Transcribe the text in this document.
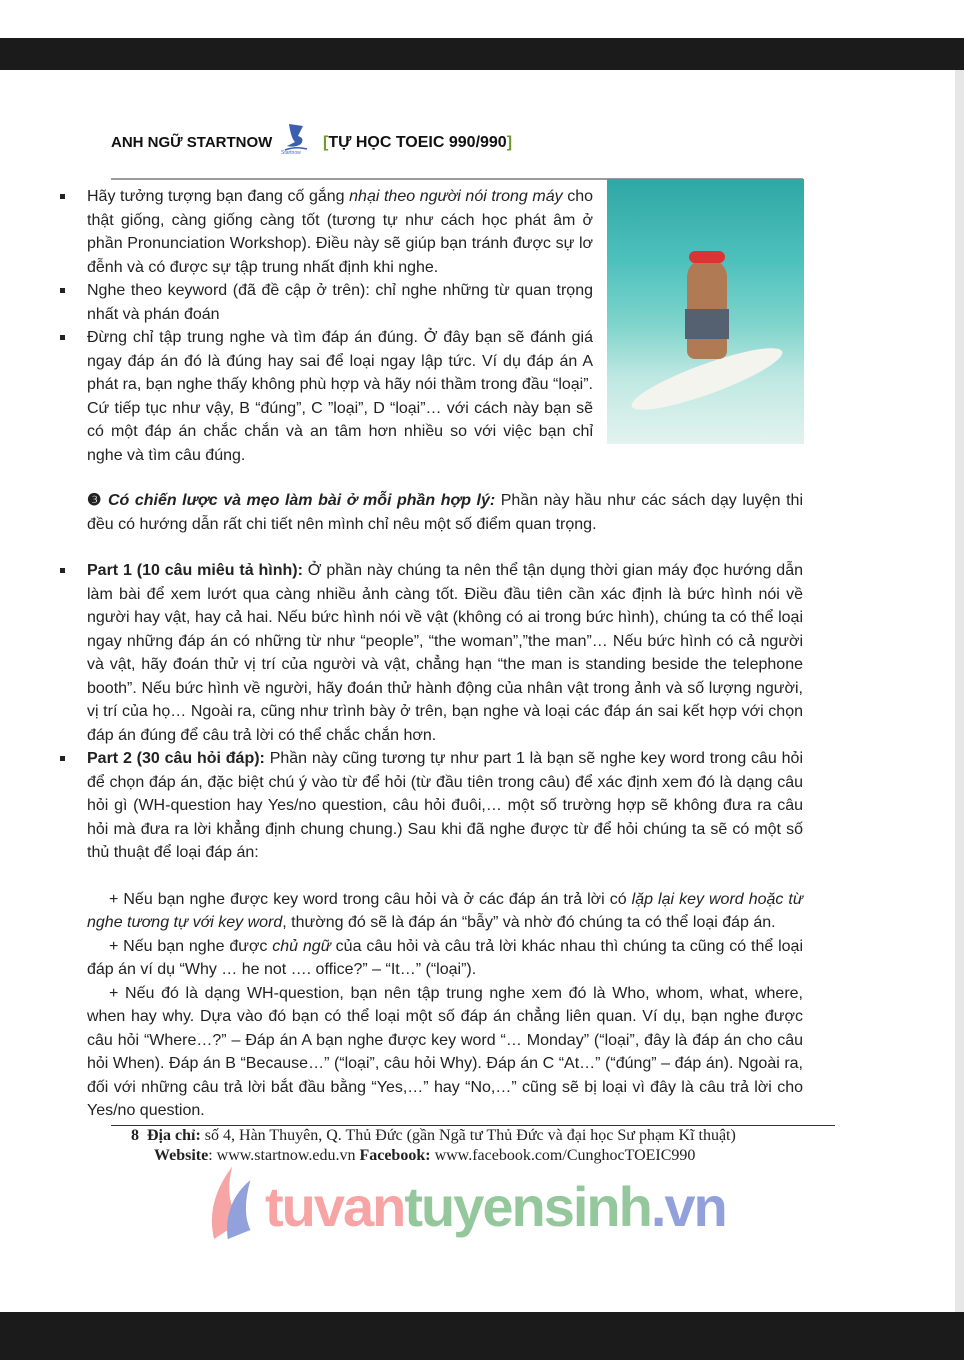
ANH NGỮ STARTNOW
Startnow
[TỰ HỌC TOEIC 990/990]

Hãy tưởng tượng bạn đang cố gắng nhại theo người nói trong máy cho thật giống, càng giống càng tốt (tương tự như cách học phát âm ở phần Pronunciation Workshop). Điều này sẽ giúp bạn tránh được sự lơ đễnh và có được sự tập trung nhất định khi nghe.

Nghe theo keyword (đã đề cập ở trên): chỉ nghe những từ quan trọng nhất và phán đoán

Đừng chỉ tập trung nghe và tìm đáp án đúng. Ở đây bạn sẽ đánh giá ngay đáp án đó là đúng hay sai để loại ngay lập tức. Ví dụ đáp án A phát ra, bạn nghe thấy không phù hợp và hãy nói thầm trong đầu “loại”. Cứ tiếp tục như vậy, B “đúng”, C ”loại”, D “loại”… với cách này bạn sẽ có một đáp án chắc chắn và an tâm hơn nhiều so với việc bạn chỉ nghe và tìm câu đúng.

❸ Có chiến lược và mẹo làm bài ở mỗi phần hợp lý: Phần này hầu như các sách dạy luyện thi đều có hướng dẫn rất chi tiết nên mình chỉ nêu một số điểm quan trọng.

Part 1 (10 câu miêu tả hình): Ở phần này chúng ta nên thể tận dụng thời gian máy đọc hướng dẫn làm bài để xem lướt qua càng nhiều ảnh càng tốt. Điều đầu tiên cần xác định là bức hình nói về người hay vật, hay cả hai. Nếu bức hình nói về vật (không có ai trong bức hình), chúng ta có thể loại ngay những đáp án có những từ như “people”, “the woman”,”the man”… Nếu bức hình có cả người và vật, hãy đoán thử vị trí của người và vật, chẳng hạn “the man is standing beside the telephone booth”. Nếu bức hình về người, hãy đoán thử hành động của nhân vật trong ảnh và số lượng người, vị trí của họ… Ngoài ra, cũng như trình bày ở trên, bạn nghe và loại các đáp án sai kết hợp với chọn đáp án đúng để câu trả lời có thể chắc chắn hơn.

Part 2 (30 câu hỏi đáp): Phần này cũng tương tự như part 1 là bạn sẽ nghe key word trong câu hỏi để chọn đáp án, đặc biệt chú ý vào từ để hỏi (từ đầu tiên trong câu) để xác định xem đó là dạng câu hỏi gì (WH-question hay Yes/no question, câu hỏi đuôi,… một số trường hợp sẽ không đưa ra câu hỏi mà đưa ra lời khẳng định chung chung.) Sau khi đã nghe được từ để hỏi chúng ta sẽ có một số thủ thuật để loại đáp án:

+ Nếu bạn nghe được key word trong câu hỏi và ở các đáp án trả lời có lặp lại key word hoặc từ nghe tương tự với key word, thường đó sẽ là đáp án “bẫy” và nhờ đó chúng ta có thể loại đáp án.

+ Nếu bạn nghe được chủ ngữ của câu hỏi và câu trả lời khác nhau thì chúng ta cũng có thể loại đáp án ví dụ “Why … he not …. office?” – “It…” (“loại”).

+ Nếu đó là dạng WH-question, bạn nên tập trung nghe xem đó là Who, whom, what, where, when hay why. Dựa vào đó bạn có thể loại một số đáp án chẳng liên quan. Ví dụ, bạn nghe được câu hỏi “Where…?” – Đáp án A bạn nghe được key word “… Monday” (“loại”, đây là đáp án cho câu hỏi When). Đáp án B “Because…” (“loại”, câu hỏi Why). Đáp án C “At…” (“đúng” – đáp án). Ngoài ra, đối với những câu trả lời bắt đầu bằng “Yes,…” hay “No,…” cũng sẽ bị loại vì đây là câu trả lời cho Yes/no question.

8 Địa chỉ: số 4, Hàn Thuyên, Q. Thủ Đức (gần Ngã tư Thủ Đức và đại học Sư phạm Kĩ thuật)
Website: www.startnow.edu.vn Facebook: www.facebook.com/CunghocTOEIC990
tuvantuyensinh.vn
